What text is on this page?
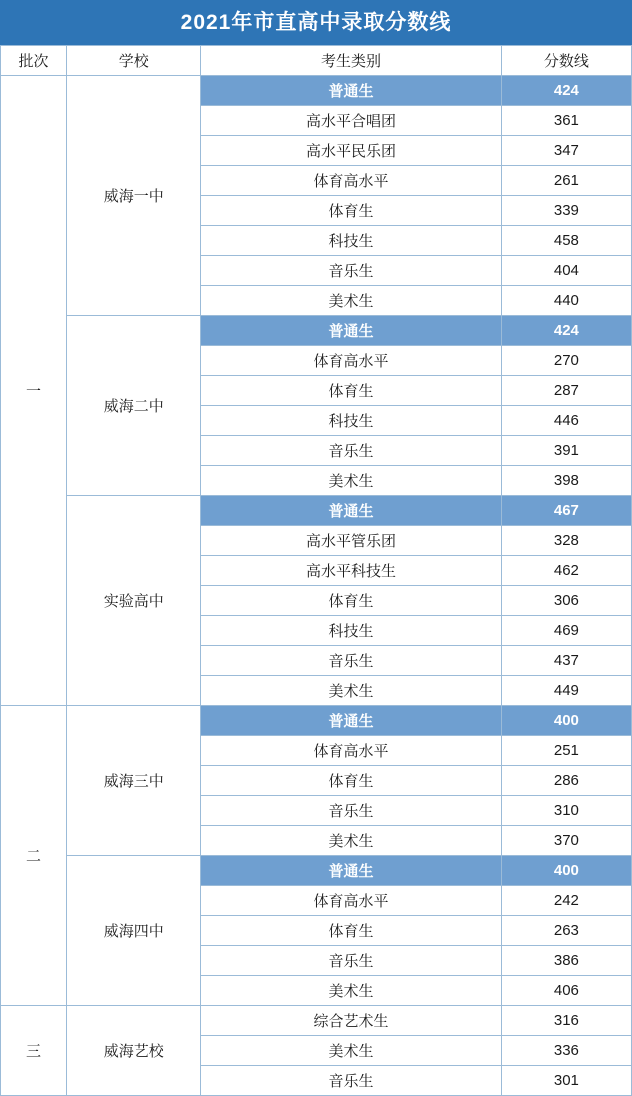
2021年市直高中录取分数线
批次	学校	考生类别	分数线
一	威海一中	普通生	424
		高水平合唱团	361
		高水平民乐团	347
		体育高水平	261
		体育生	339
		科技生	458
		音乐生	404
		美术生	440
	威海二中	普通生	424
		体育高水平	270
		体育生	287
		科技生	446
		音乐生	391
		美术生	398
	实验高中	普通生	467
		高水平管乐团	328
		高水平科技生	462
		体育生	306
		科技生	469
		音乐生	437
		美术生	449
二	威海三中	普通生	400
		体育高水平	251
		体育生	286
		音乐生	310
		美术生	370
	威海四中	普通生	400
		体育高水平	242
		体育生	263
		音乐生	386
		美术生	406
三	威海艺校	综合艺术生	316
		美术生	336
		音乐生	301
